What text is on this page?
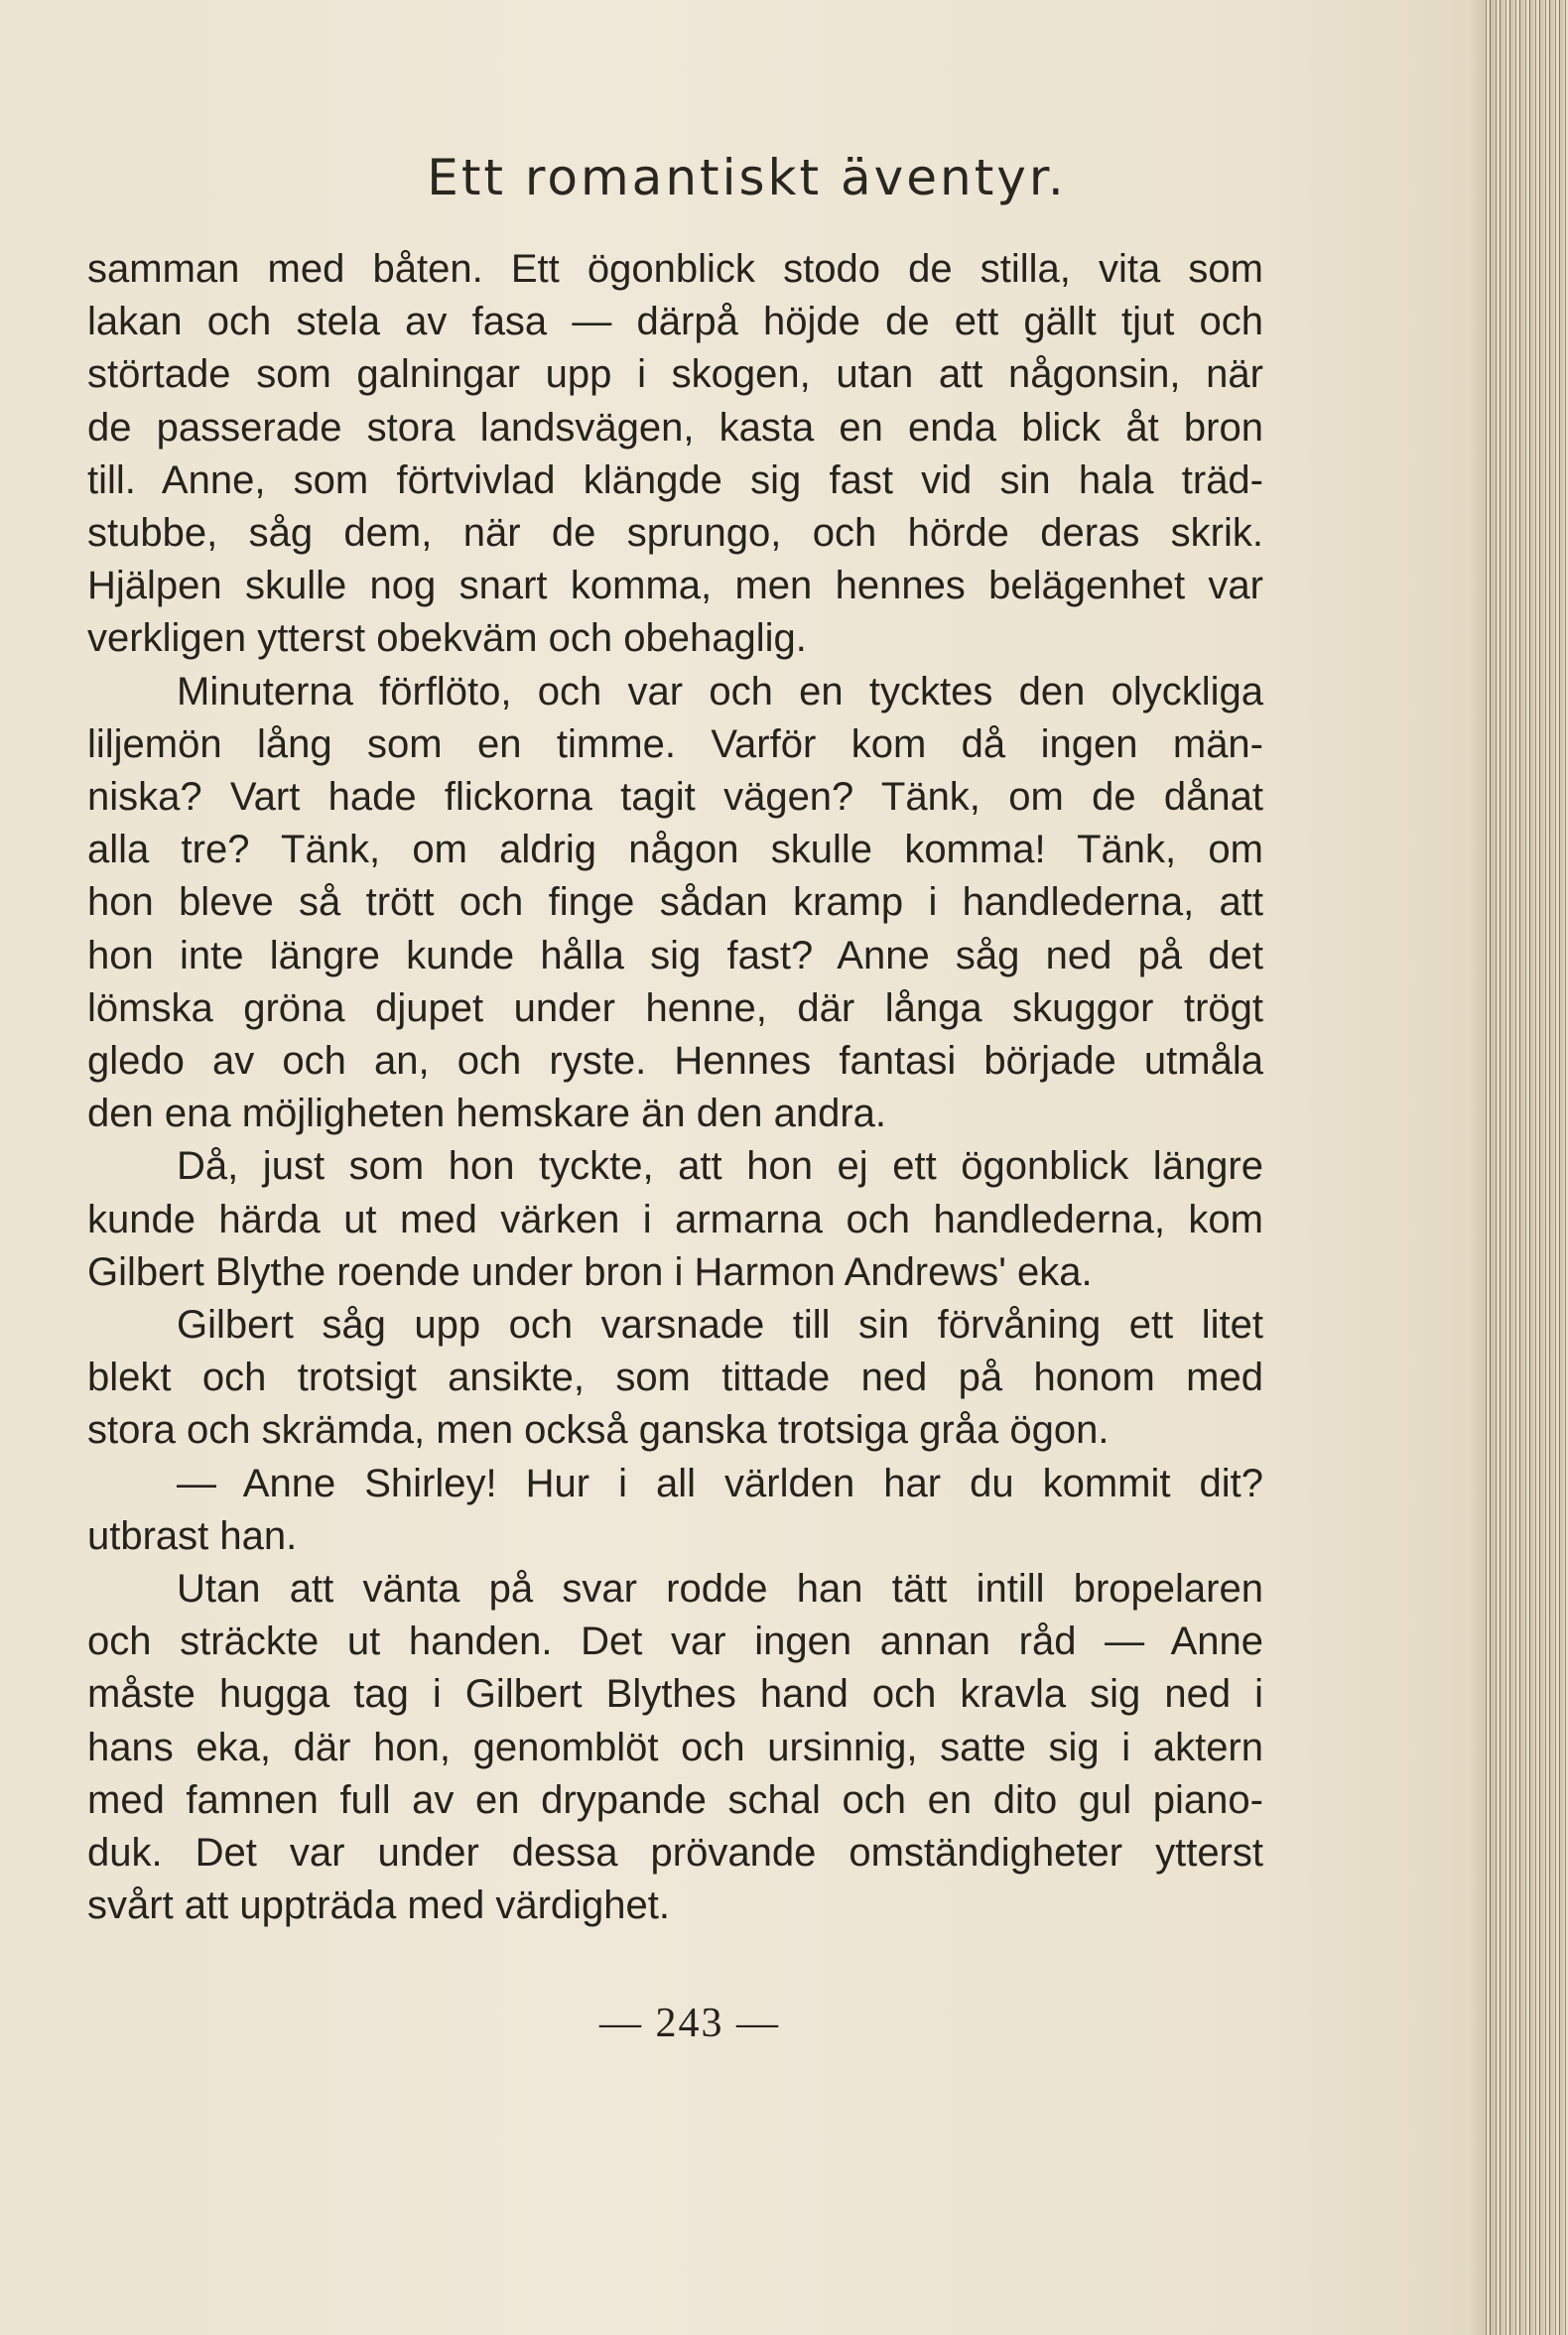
Ett romantiskt äventyr.
samman med båten. Ett ögonblick stodo de stilla, vita som
lakan och stela av fasa — därpå höjde de ett gällt tjut och
störtade som galningar upp i skogen, utan att någonsin, när
de passerade stora landsvägen, kasta en enda blick åt bron
till. Anne, som förtvivlad klängde sig fast vid sin hala träd-
stubbe, såg dem, när de sprungo, och hörde deras skrik.
Hjälpen skulle nog snart komma, men hennes belägenhet var
verkligen ytterst obekväm och obehaglig.
Minuterna förflöto, och var och en tycktes den olyckliga
liljemön lång som en timme. Varför kom då ingen män-
niska? Vart hade flickorna tagit vägen? Tänk, om de dånat
alla tre? Tänk, om aldrig någon skulle komma! Tänk, om
hon bleve så trött och finge sådan kramp i handlederna, att
hon inte längre kunde hålla sig fast? Anne såg ned på det
lömska gröna djupet under henne, där långa skuggor trögt
gledo av och an, och ryste. Hennes fantasi började utmåla
den ena möjligheten hemskare än den andra.
Då, just som hon tyckte, att hon ej ett ögonblick längre
kunde härda ut med värken i armarna och handlederna, kom
Gilbert Blythe roende under bron i Harmon Andrews' eka.
Gilbert såg upp och varsnade till sin förvåning ett litet
blekt och trotsigt ansikte, som tittade ned på honom med
stora och skrämda, men också ganska trotsiga gråa ögon.
— Anne Shirley! Hur i all världen har du kommit dit?
utbrast han.
Utan att vänta på svar rodde han tätt intill bropelaren
och sträckte ut handen. Det var ingen annan råd — Anne
måste hugga tag i Gilbert Blythes hand och kravla sig ned i
hans eka, där hon, genomblöt och ursinnig, satte sig i aktern
med famnen full av en drypande schal och en dito gul piano-
duk. Det var under dessa prövande omständigheter ytterst
svårt att uppträda med värdighet.
— 243 —
